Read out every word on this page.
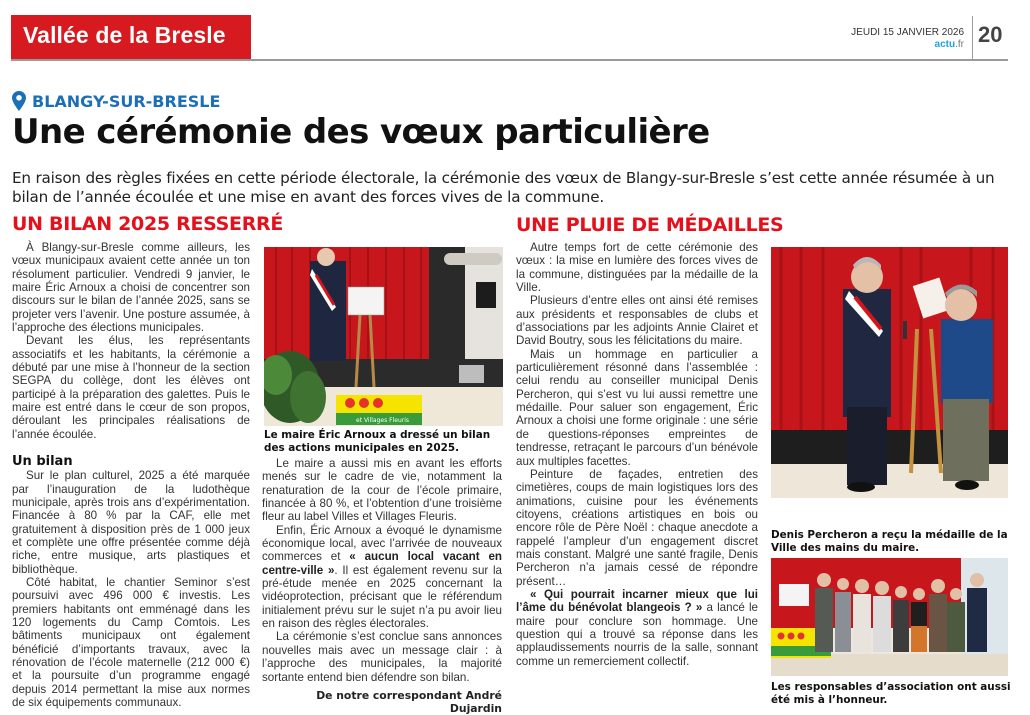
Vallée de la Bresle	JEUDI 15 JANVIER 2026
actu.fr 20
BLANGY-SUR-BRESLE
Une cérémonie des vœux particulière

En raison des règles fixées en cette période électorale, la cérémonie des vœux de Blangy-sur-Bresle s’est cette année résumée à un bilan de l’année écoulée et une mise en avant des forces vives de la commune.

UN BILAN 2025 RESSERRÉ	UNE PLUIE DE MÉDAILLES

À Blangy-sur-Bresle comme ailleurs, les vœux municipaux avaient cette année un ton résolument particulier. Vendredi 9 janvier, le maire Éric Arnoux a choisi de concentrer son discours sur le bilan de l’année 2025, sans se projeter vers l’avenir. Une posture assumée, à l’approche des élections municipales.

Devant les élus, les représentants associatifs et les habitants, la cérémonie a débuté par une mise à l’honneur de la section SEGPA du collège, dont les élèves ont participé à la préparation des galettes. Puis le maire est entré dans le cœur de son propos, déroulant les principales réalisations de l’année écoulée.

Un bilan

Sur le plan culturel, 2025 a été marquée par l’inauguration de la ludothèque municipale, après trois ans d’expérimentation. Financée à 80 % par la CAF, elle met gratuitement à disposition près de 1 000 jeux et complète une offre présentée comme déjà riche, entre musique, arts plastiques et bibliothèque.

Côté habitat, le chantier Seminor s’est poursuivi avec 496 000 € investis. Les premiers habitants ont emménagé dans les 120 logements du Camp Comtois. Les bâtiments municipaux ont également bénéficié d’importants travaux, avec la rénovation de l’école maternelle (212 000 €) et la poursuite d’un programme engagé depuis 2014 permettant la mise aux normes de six équipements communaux.

et Villages Fleuris
Le maire Éric Arnoux a dressé un bilan des actions municipales en 2025.

Le maire a aussi mis en avant les efforts menés sur le cadre de vie, notamment la renaturation de la cour de l’école primaire, financée à 80 %, et l’obtention d’une troisième fleur au label Villes et Villages Fleuris.

Enfin, Éric Arnoux a évoqué le dynamisme économique local, avec l’arrivée de nouveaux commerces et « aucun local vacant en centre-ville ». Il est également revenu sur la pré-étude menée en 2025 concernant la vidéoprotection, précisant que le référendum initialement prévu sur le sujet n’a pu avoir lieu en raison des règles électorales.

La cérémonie s’est conclue sans annonces nouvelles mais avec un message clair : à l’approche des municipales, la majorité sortante entend bien défendre son bilan.

De notre correspondant André Dujardin

Autre temps fort de cette cérémonie des vœux : la mise en lumière des forces vives de la commune, distinguées par la médaille de la Ville.

Plusieurs d’entre elles ont ainsi été remises aux présidents et responsables de clubs et d’associations par les adjoints Annie Clairet et David Boutry, sous les félicitations du maire.

Mais un hommage en particulier a particulièrement résonné dans l’assemblée : celui rendu au conseiller municipal Denis Percheron, qui s’est vu lui aussi remettre une médaille. Pour saluer son engagement, Éric Arnoux a choisi une forme originale : une série de questions-réponses empreintes de tendresse, retraçant le parcours d’un bénévole aux multiples facettes.

Peinture de façades, entretien des cimetières, coups de main logistiques lors des animations, cuisine pour les événements citoyens, créations artistiques en bois ou encore rôle de Père Noël : chaque anecdote a rappelé l’ampleur d’un engagement discret mais constant. Malgré une santé fragile, Denis Percheron n’a jamais cessé de répondre présent…

« Qui pourrait incarner mieux que lui l’âme du bénévolat blangeois ? » a lancé le maire pour conclure son hommage. Une question qui a trouvé sa réponse dans les applaudissements nourris de la salle, sonnant comme un remerciement collectif.

Denis Percheron a reçu la médaille de la Ville des mains du maire.
Les responsables d’association ont aussi été mis à l’honneur.
